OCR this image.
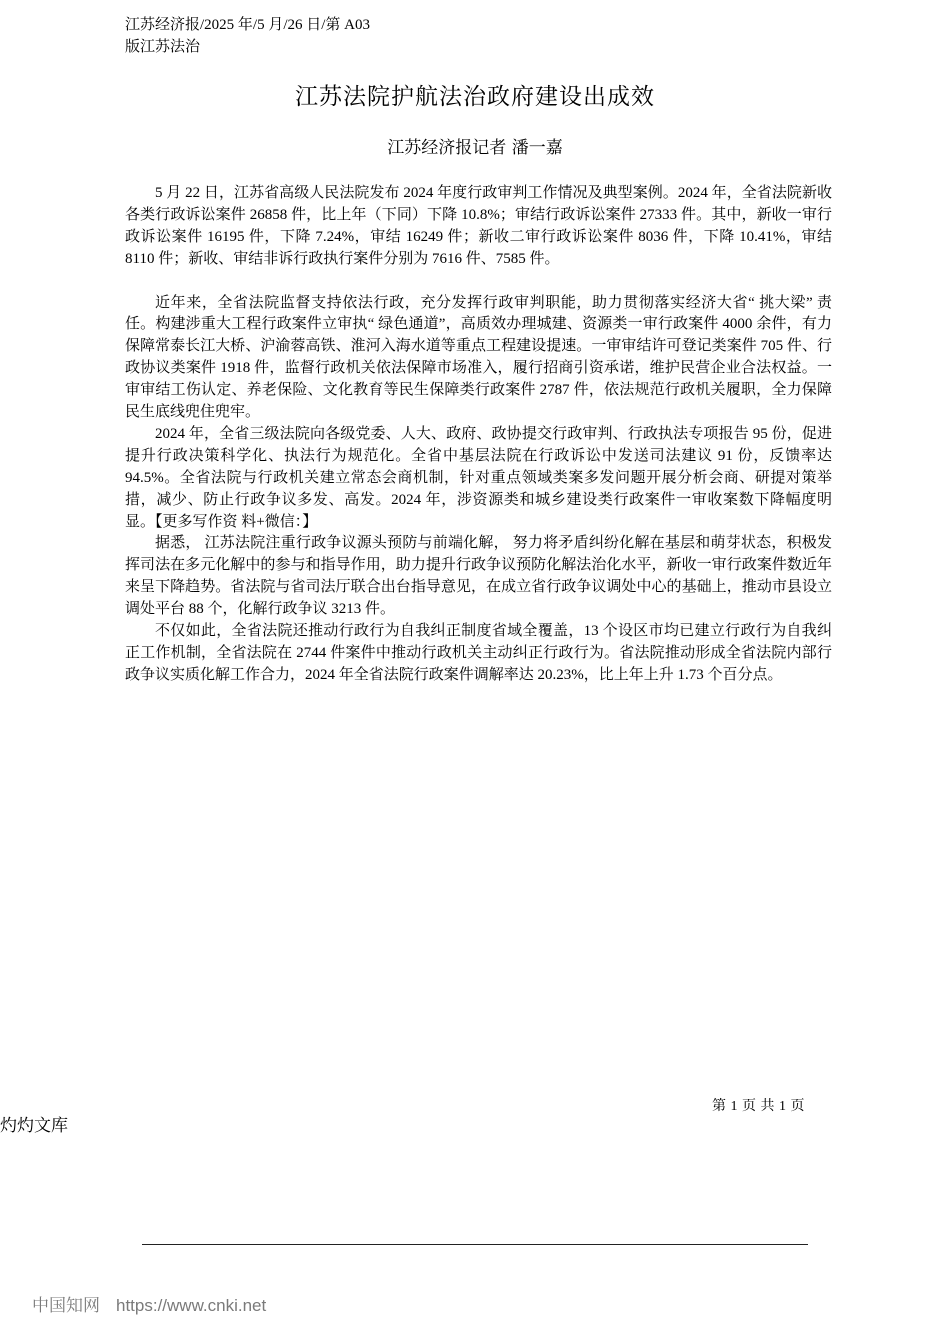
江苏经济报/2025 年/5 月/26 日/第 A03
版江苏法治
江苏法院护航法治政府建设出成效
江苏经济报记者 潘一嘉

5 月 22 日，江苏省高级人民法院发布 2024 年度行政审判工作情况及典型案例。2024 年，全省法院新收各类行政诉讼案件 26858 件，比上年（下同）下降 10.8%；审结行政诉讼案件 27333 件。其中，新收一审行政诉讼案件 16195 件，下降 7.24%，审结 16249 件；新收二审行政诉讼案件 8036 件，下降 10.41%，审结 8110 件；新收、审结非诉行政执行案件分别为 7616 件、7585 件。

近年来，全省法院监督支持依法行政，充分发挥行政审判职能，助力贯彻落实经济大省“ 挑大梁” 责任。构建涉重大工程行政案件立审执“ 绿色通道”，高质效办理城建、资源类一审行政案件 4000 余件，有力保障常泰长江大桥、沪渝蓉高铁、淮河入海水道等重点工程建设提速。一审审结许可登记类案件 705 件、行政协议类案件 1918 件，监督行政机关依法保障市场准入，履行招商引资承诺，维护民营企业合法权益。一审审结工伤认定、养老保险、文化教育等民生保障类行政案件 2787 件，依法规范行政机关履职，全力保障民生底线兜住兜牢。

2024 年，全省三级法院向各级党委、人大、政府、政协提交行政审判、行政执法专项报告 95 份，促进提升行政决策科学化、执法行为规范化。全省中基层法院在行政诉讼中发送司法建议 91 份，反馈率达 94.5%。全省法院与行政机关建立常态会商机制，针对重点领域类案多发问题开展分析会商、研提对策举措，减少、防止行政争议多发、高发。2024 年，涉资源类和城乡建设类行政案件一审收案数下降幅度明显。【更多写作资 料+微信：】

据悉， 江苏法院注重行政争议源头预防与前端化解， 努力将矛盾纠纷化解在基层和萌芽状态，积极发挥司法在多元化解中的参与和指导作用，助力提升行政争议预防化解法治化水平，新收一审行政案件数近年来呈下降趋势。省法院与省司法厅联合出台指导意见，在成立省行政争议调处中心的基础上，推动市县设立调处平台 88 个，化解行政争议 3213 件。

不仅如此，全省法院还推动行政行为自我纠正制度省域全覆盖，13 个设区市均已建立行政行为自我纠正工作机制，全省法院在 2744 件案件中推动行政机关主动纠正行政行为。省法院推动形成全省法院内部行政争议实质化解工作合力，2024 年全省法院行政案件调解率达 20.23%，比上年上升 1.73 个百分点。

第 1 页 共 1 页
灼灼文库
中国知网 https://www.cnki.net
